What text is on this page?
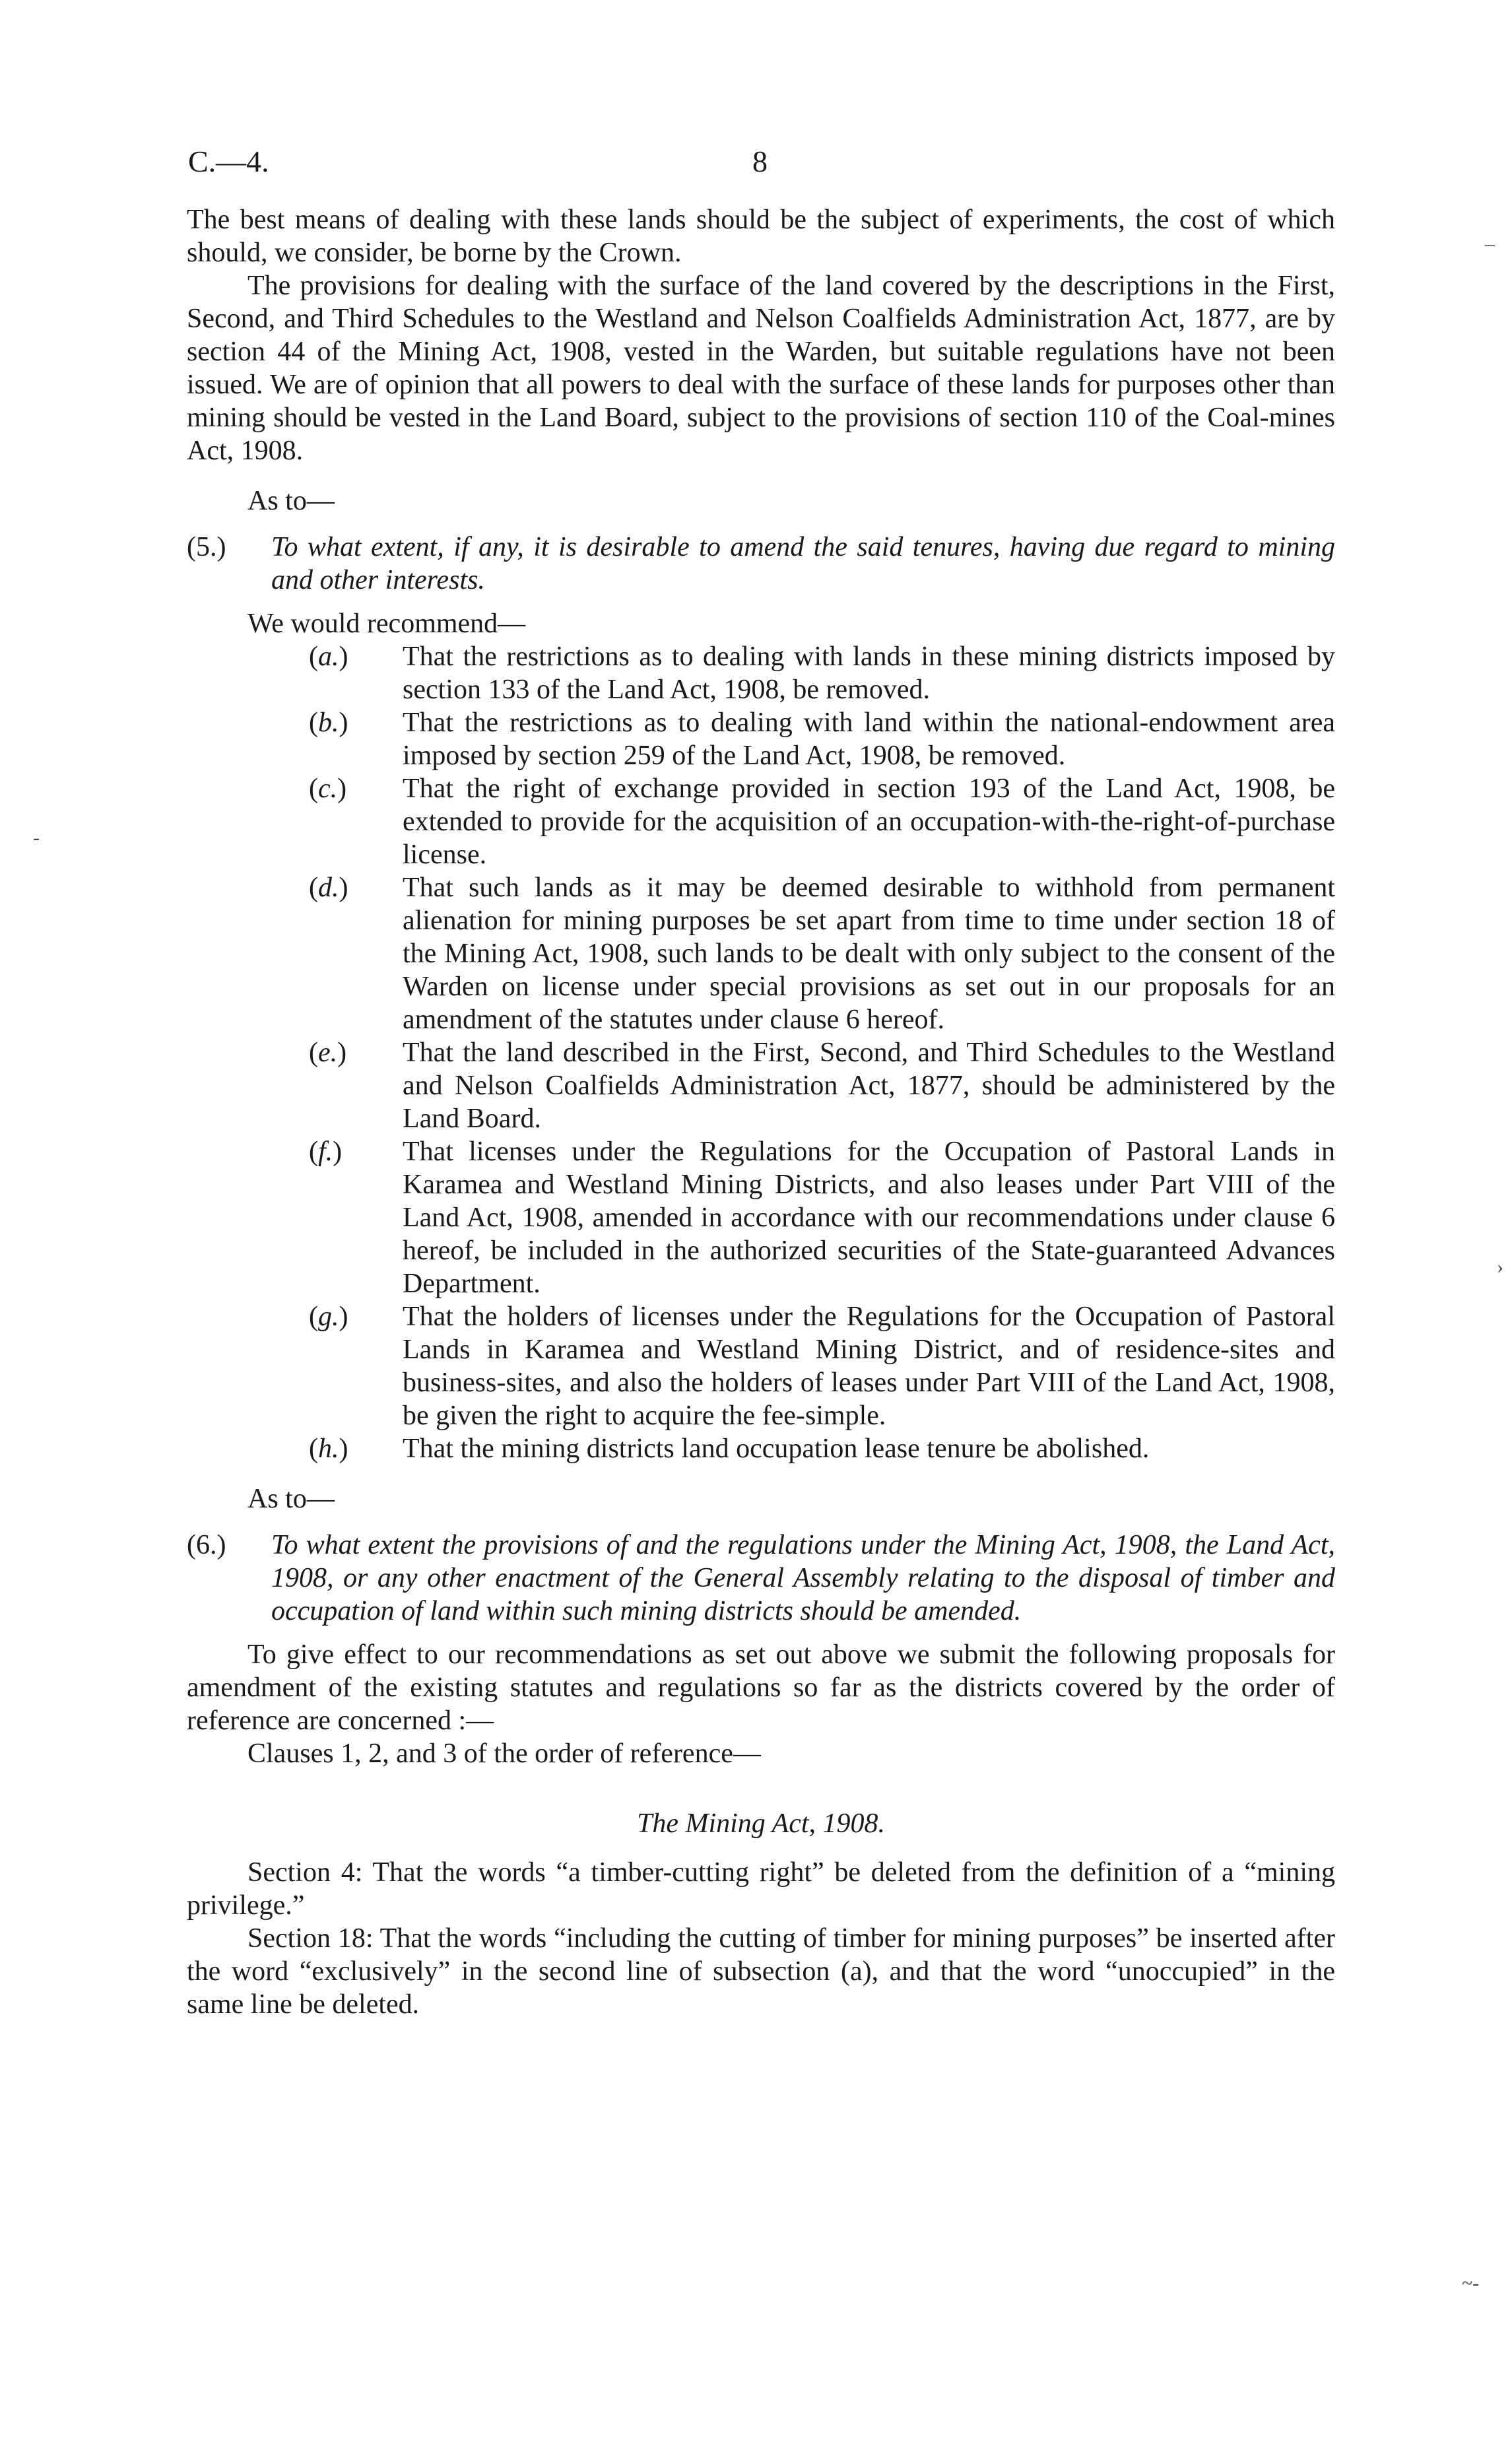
C.—4.	8

The best means of dealing with these lands should be the subject of experiments, the cost of which should, we consider, be borne by the Crown.

The provisions for dealing with the surface of the land covered by the descriptions in the First, Second, and Third Schedules to the Westland and Nelson Coalfields Administration Act, 1877, are by section 44 of the Mining Act, 1908, vested in the Warden, but suitable regulations have not been issued. We are of opinion that all powers to deal with the surface of these lands for purposes other than mining should be vested in the Land Board, subject to the provisions of section 110 of the Coal-mines Act, 1908.

As to—

(5.) To what extent, if any, it is desirable to amend the said tenures, having due regard to mining and other interests.

We would recommend—

(a.) That the restrictions as to dealing with lands in these mining districts imposed by section 133 of the Land Act, 1908, be removed.
(b.) That the restrictions as to dealing with land within the national-endowment area imposed by section 259 of the Land Act, 1908, be removed.
(c.) That the right of exchange provided in section 193 of the Land Act, 1908, be extended to provide for the acquisition of an occupation-with-the-right-of-purchase license.
(d.) That such lands as it may be deemed desirable to withhold from permanent alienation for mining purposes be set apart from time to time under section 18 of the Mining Act, 1908, such lands to be dealt with only subject to the consent of the Warden on license under special provisions as set out in our proposals for an amendment of the statutes under clause 6 hereof.
(e.) That the land described in the First, Second, and Third Schedules to the Westland and Nelson Coalfields Administration Act, 1877, should be administered by the Land Board.
(f.) That licenses under the Regulations for the Occupation of Pastoral Lands in Karamea and Westland Mining Districts, and also leases under Part VIII of the Land Act, 1908, amended in accordance with our recommendations under clause 6 hereof, be included in the authorized securities of the State-guaranteed Advances Department.
(g.) That the holders of licenses under the Regulations for the Occupation of Pastoral Lands in Karamea and Westland Mining District, and of residence-sites and business-sites, and also the holders of leases under Part VIII of the Land Act, 1908, be given the right to acquire the fee-simple.
(h.) That the mining districts land occupation lease tenure be abolished.

As to—

(6.) To what extent the provisions of and the regulations under the Mining Act, 1908, the Land Act, 1908, or any other enactment of the General Assembly relating to the disposal of timber and occupation of land within such mining districts should be amended.

To give effect to our recommendations as set out above we submit the following proposals for amendment of the existing statutes and regulations so far as the districts covered by the order of reference are concerned :—

Clauses 1, 2, and 3 of the order of reference—

The Mining Act, 1908.

Section 4: That the words “a timber-cutting right” be deleted from the definition of a “mining privilege.”

Section 18: That the words “including the cutting of timber for mining purposes” be inserted after the word “exclusively” in the second line of subsection (a), and that the word “unoccupied” in the same line be deleted.

–
-
›
~-
